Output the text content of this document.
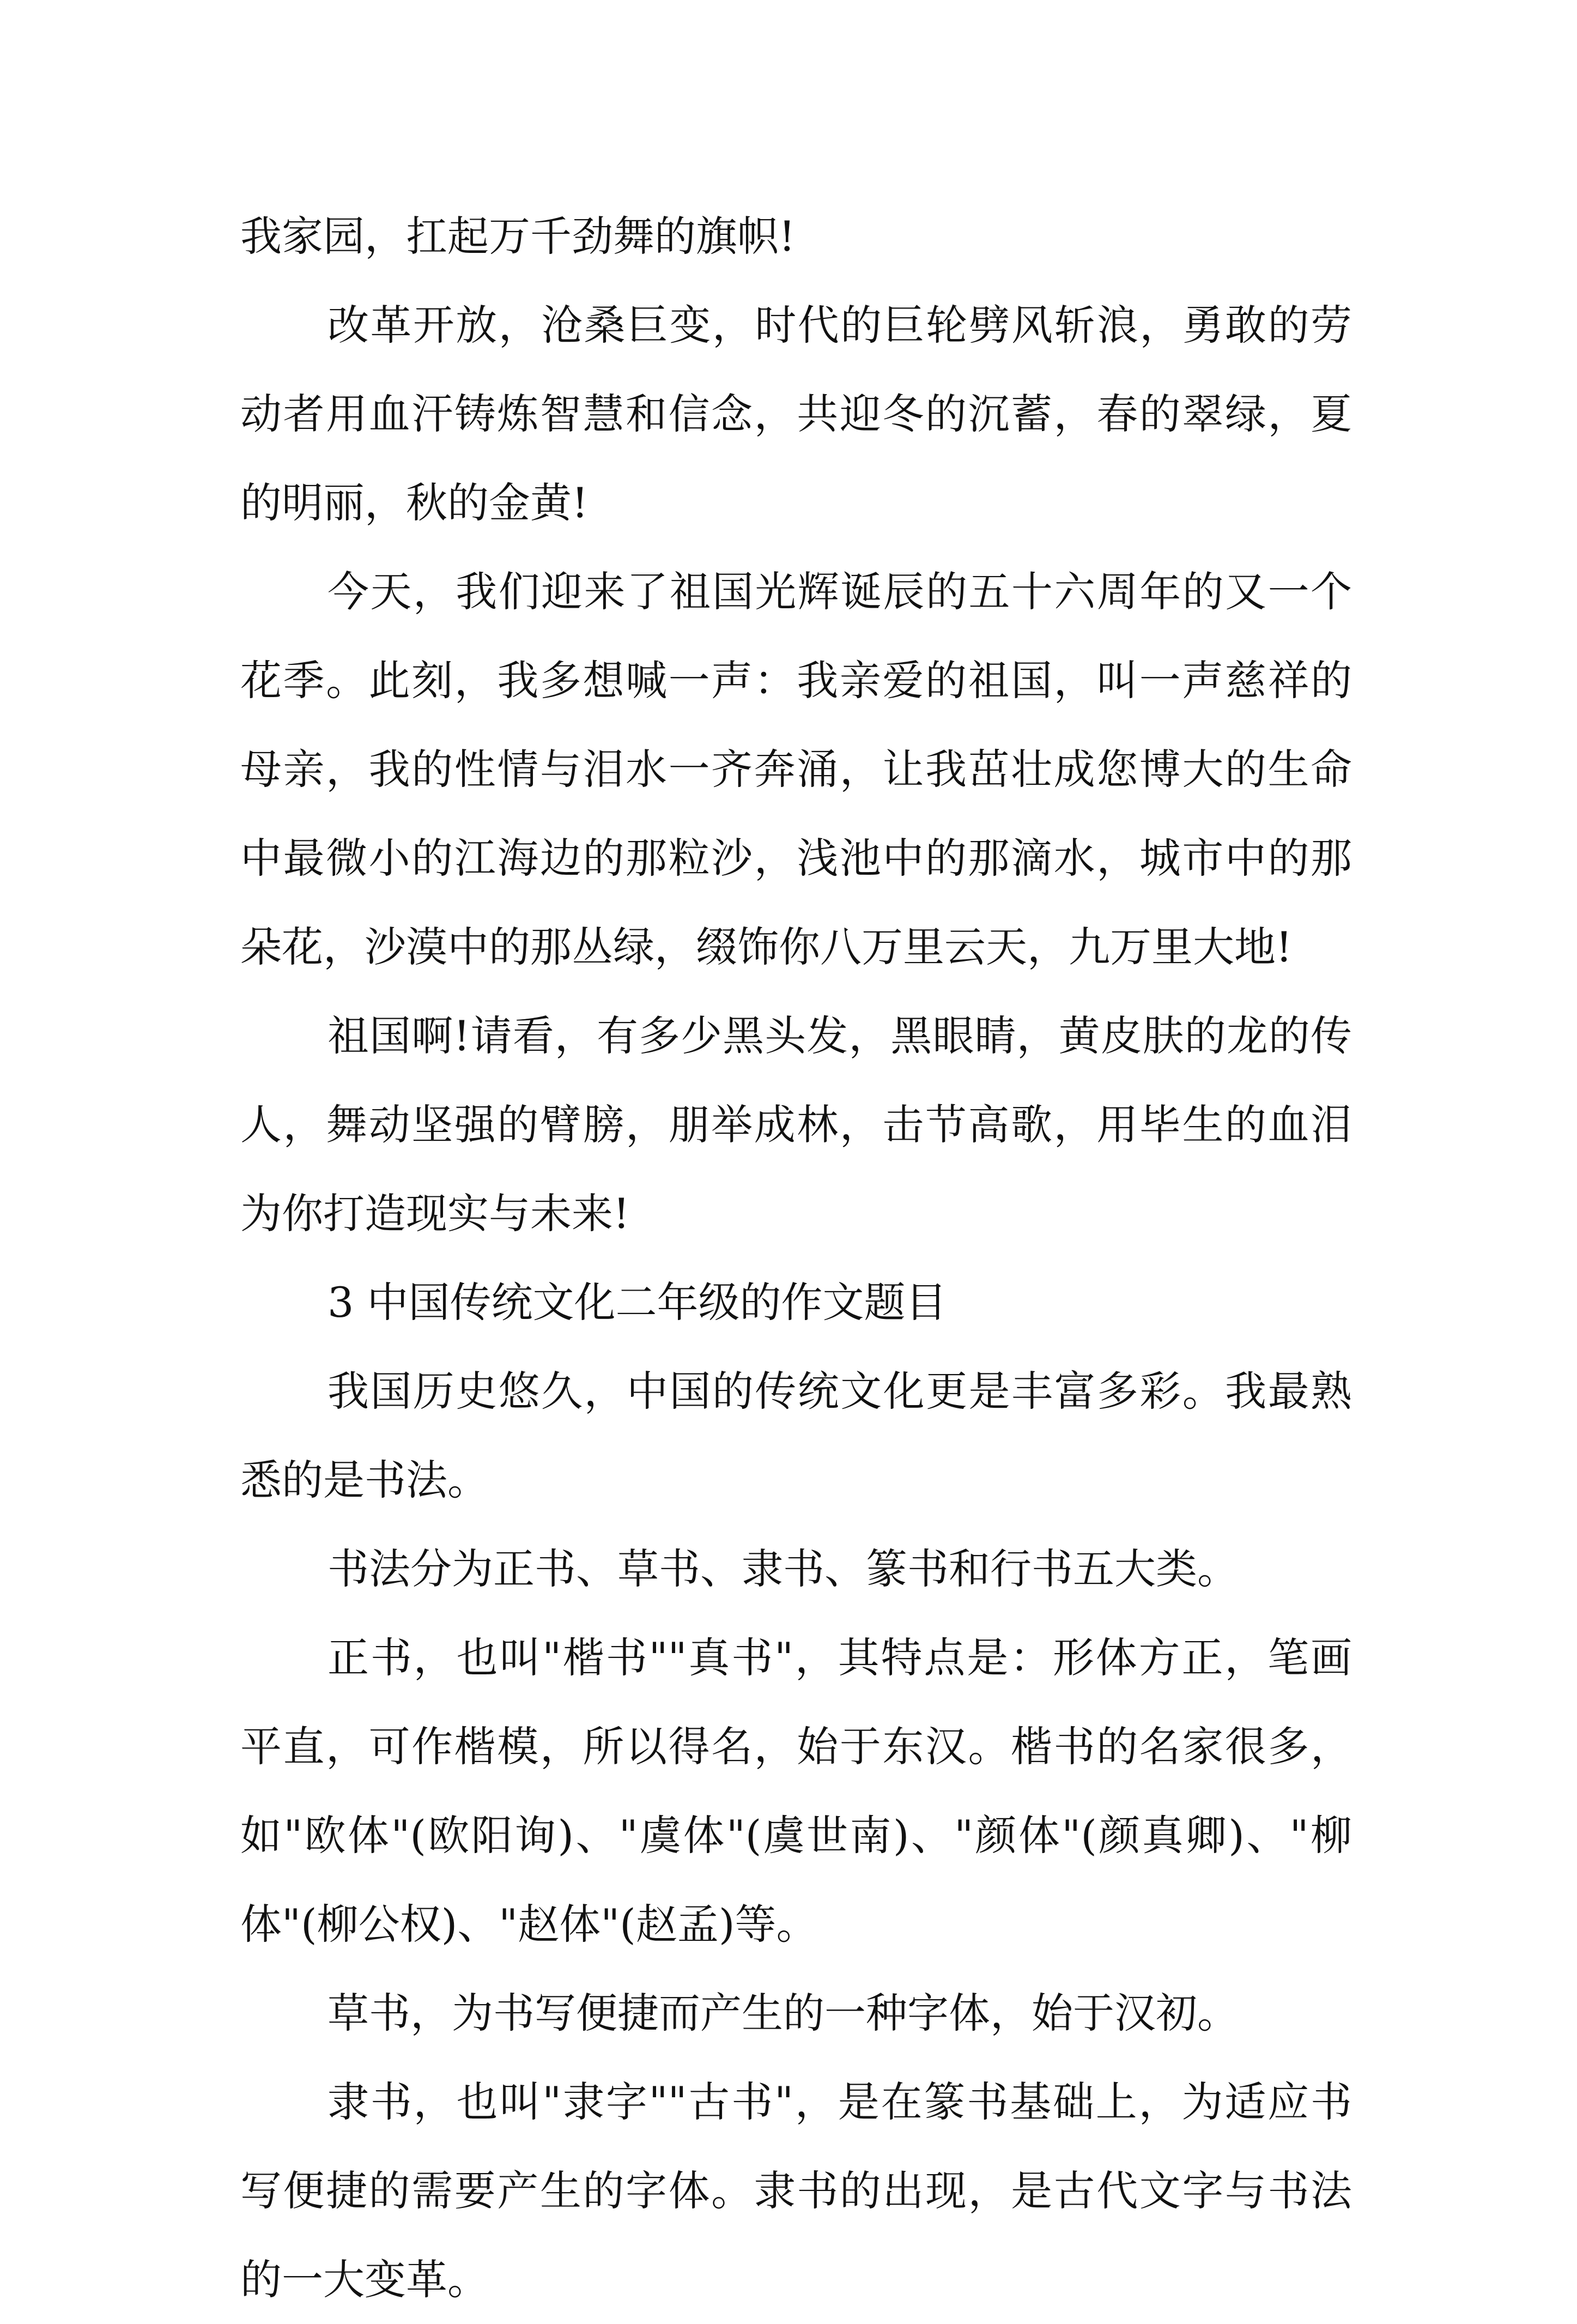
我家园，扛起万千劲舞的旗帜!

改革开放，沧桑巨变，时代的巨轮劈风斩浪，勇敢的劳动者用血汗铸炼智慧和信念，共迎冬的沉蓄，春的翠绿，夏的明丽，秋的金黄!

今天，我们迎来了祖国光辉诞辰的五十六周年的又一个花季。此刻，我多想喊一声：我亲爱的祖国，叫一声慈祥的母亲，我的性情与泪水一齐奔涌，让我茁壮成您博大的生命中最微小的江海边的那粒沙，浅池中的那滴水，城市中的那朵花，沙漠中的那丛绿，缀饰你八万里云天，九万里大地!

祖国啊!请看，有多少黑头发，黑眼睛，黄皮肤的龙的传人，舞动坚强的臂膀，朋举成林，击节高歌，用毕生的血泪为你打造现实与未来!

3 中国传统文化二年级的作文题目

我国历史悠久，中国的传统文化更是丰富多彩。我最熟悉的是书法。

书法分为正书、草书、隶书、篆书和行书五大类。

正书，也叫"楷书""真书"，其特点是：形体方正，笔画平直，可作楷模，所以得名，始于东汉。楷书的名家很多，如"欧体"(欧阳询)、"虞体"(虞世南)、"颜体"(颜真卿)、"柳体"(柳公权)、"赵体"(赵孟)等。

草书，为书写便捷而产生的一种字体，始于汉初。

隶书，也叫"隶字""古书"，是在篆书基础上，为适应书写便捷的需要产生的字体。隶书的出现，是古代文字与书法的一大变革。
